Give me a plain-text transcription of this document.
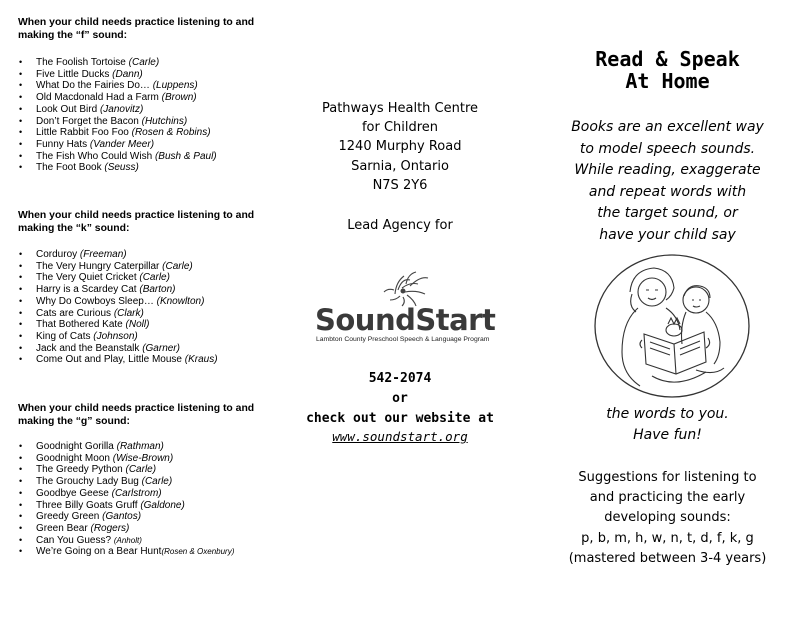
When your child needs practice listening to and making the “f” sound:
• The Foolish Tortoise (Carle)
• Five Little Ducks (Dann)
• What Do the Fairies Do… (Luppens)
• Old Macdonald Had a Farm (Brown)
• Look Out Bird (Janovitz)
• Don’t Forget the Bacon (Hutchins)
• Little Rabbit Foo Foo (Rosen & Robins)
• Funny Hats (Vander Meer)
• The Fish Who Could Wish (Bush & Paul)
• The Foot Book (Seuss)
When your child needs practice listening to and making the “k” sound:
• Corduroy (Freeman)
• The Very Hungry Caterpillar (Carle)
• The Very Quiet Cricket (Carle)
• Harry is a Scardey Cat (Barton)
• Why Do Cowboys Sleep… (Knowlton)
• Cats are Curious (Clark)
• That Bothered Kate (Noll)
• King of Cats (Johnson)
• Jack and the Beanstalk (Garner)
• Come Out and Play, Little Mouse (Kraus)
When your child needs practice listening to and making the “g” sound:
• Goodnight Gorilla (Rathman)
• Goodnight Moon (Wise-Brown)
• The Greedy Python (Carle)
• The Grouchy Lady Bug (Carle)
• Goodbye Geese (Carlstrom)
• Three Billy Goats Gruff (Galdone)
• Greedy Green (Gantos)
• Green Bear (Rogers)
• Can You Guess? (Anholt)
• We’re Going on a Bear Hunt(Rosen & Oxenbury)
Pathways Health Centre
for Children
1240 Murphy Road
Sarnia, Ontario
N7S 2Y6
Lead Agency for
SoundStart
Lambton County Preschool Speech & Language Program
542-2074
or
check out our website at
www.soundstart.org
Read & Speak
At Home
Books are an excellent way
to model speech sounds.
While reading, exaggerate
and repeat words with
the target sound, or
have your child say
the words to you.
Have fun!
Suggestions for listening to
and practicing the early
developing sounds:
p, b, m, h, w, n, t, d, f, k, g
(mastered between 3-4 years)
